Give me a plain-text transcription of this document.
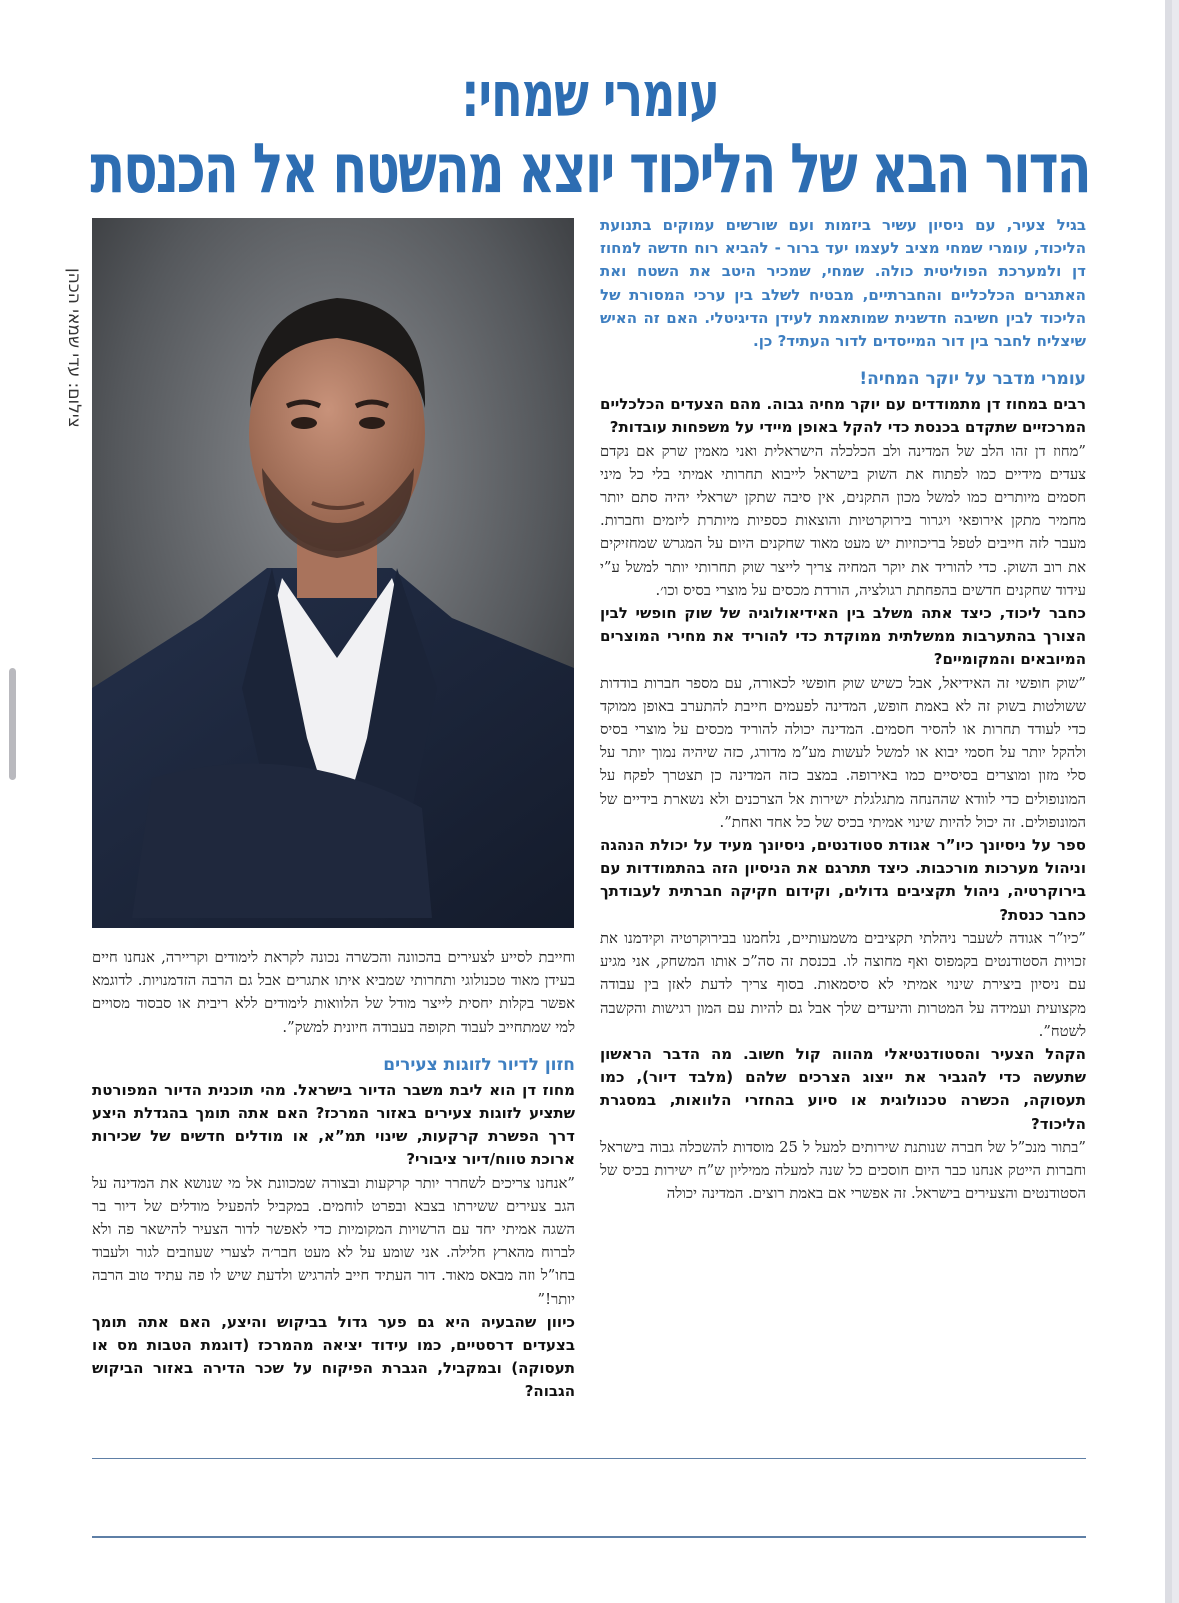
עומרי שמחי:
הדור הבא של הליכוד יוצא מהשטח אל הכנסת
צילום: עדי שמאי הכהן

בגיל צעיר, עם ניסיון עשיר ביזמות ועם שורשים עמוקים בתנועת הליכוד, עומרי שמחי מציב לעצמו יעד ברור - להביא רוח חדשה למחוז דן ולמערכת הפוליטית כולה. שמחי, שמכיר היטב את השטח ואת האתגרים הכלכליים והחברתיים, מבטיח לשלב בין ערכי המסורת של הליכוד לבין חשיבה חדשנית שמותאמת לעידן הדיגיטלי. האם זה האיש שיצליח לחבר בין דור המייסדים לדור העתיד? כן.

עומרי מדבר על יוקר המחיה!

רבים במחוז דן מתמודדים עם יוקר מחיה גבוה. מהם הצעדים הכלכליים המרכזיים שתקדם בכנסת כדי להקל באופן מיידי על משפחות עובדות?

”מחוז דן זהו הלב של המדינה ולב הכלכלה הישראלית ואני מאמין שרק אם נקדם צעדים מידיים כמו לפתוח את השוק בישראל לייבוא תחרותי אמיתי בלי כל מיני חסמים מיותרים כמו למשל מכון התקנים, אין סיבה שתקן ישראלי יהיה סתם יותר מחמיר מתקן אירופאי ויגרור בירוקרטיות והוצאות כספיות מיותרת ליזמים וחברות. מעבר לזה חייבים לטפל בריכוזיות יש מעט מאוד שחקנים היום על המגרש שמחזיקים את רוב השוק. כדי להוריד את יוקר המחיה צריך לייצר שוק תחרותי יותר למשל ע”י עידוד שחקנים חדשים בהפחתת רגולציה, הורדת מכסים על מוצרי בסיס וכו׳.

כחבר ליכוד, כיצד אתה משלב בין האידיאולוגיה של שוק חופשי לבין הצורך בהתערבות ממשלתית ממוקדת כדי להוריד את מחירי המוצרים המיובאים והמקומיים?

”שוק חופשי זה האידיאל, אבל כשיש שוק חופשי לכאורה, עם מספר חברות בודדות ששולטות בשוק זה לא באמת חופש, המדינה לפעמים חייבת להתערב באופן ממוקד כדי לעודד תחרות או להסיר חסמים. המדינה יכולה להוריד מכסים על מוצרי בסיס ולהקל יותר על חסמי יבוא או למשל לעשות מע”מ מדורג, כזה שיהיה נמוך יותר על סלי מזון ומוצרים בסיסיים כמו באירופה. במצב כזה המדינה כן תצטרך לפקח על המונופולים כדי לוודא שההנחה מתגלגלת ישירות אל הצרכנים ולא נשארת בידיים של המונופולים. זה יכול להיות שינוי אמיתי בכיס של כל אחד ואחת”.

ספר על ניסיונך כיו”ר אגודת סטודנטים, ניסיונך מעיד על יכולת הנהגה וניהול מערכות מורכבות. כיצד תתרגם את הניסיון הזה בהתמודדות עם בירוקרטיה, ניהול תקציבים גדולים, וקידום חקיקה חברתית לעבודתך כחבר כנסת?

”כיו”ר אגודה לשעבר ניהלתי תקציבים משמעותיים, נלחמנו בבירוקרטיה וקידמנו את זכויות הסטודנטים בקמפוס ואף מחוצה לו. בכנסת זה סה”כ אותו המשחק, אני מגיע עם ניסיון ביצירת שינוי אמיתי לא סיסמאות. בסוף צריך לדעת לאזן בין עבודה מקצועית ועמידה על המטרות והיעדים שלך אבל גם להיות עם המון רגישות והקשבה לשטח”.

הקהל הצעיר והסטודנטיאלי מהווה קול חשוב. מה הדבר הראשון שתעשה כדי להגביר את ייצוג הצרכים שלהם (מלבד דיור), כמו תעסוקה, הכשרה טכנולוגית או סיוע בהחזרי הלוואות, במסגרת הליכוד?

”בתור מנכ”ל של חברה שנותנת שירותים למעל ל 25 מוסדות להשכלה גבוה בישראל וחברות הייטק אנחנו כבר היום חוסכים כל שנה למעלה ממיליון ש”ח ישירות בכיס של הסטודנטים והצעירים בישראל. זה אפשרי אם באמת רוצים. המדינה יכולה

וחייבת לסייע לצעירים בהכוונה והכשרה נכונה לקראת לימודים וקריירה, אנחנו חיים בעידן מאוד טכנולוגי ותחרותי שמביא איתו אתגרים אבל גם הרבה הזדמנויות. לדוגמא אפשר בקלות יחסית לייצר מודל של הלוואות לימודים ללא ריבית או סבסוד מסויים למי שמתחייב לעבוד תקופה בעבודה חיונית למשק”.

חזון לדיור לזוגות צעירים

מחוז דן הוא ליבת משבר הדיור בישראל. מהי תוכנית הדיור המפורטת שתציע לזוגות צעירים באזור המרכז? האם אתה תומך בהגדלת היצע דרך הפשרת קרקעות, שינוי תמ”א, או מודלים חדשים של שכירות ארוכת טווח/דיור ציבורי?

”אנחנו צריכים לשחרר יותר קרקעות ובצורה שמכוונת אל מי שנושא את המדינה על הגב צעירים ששירתו בצבא ובפרט לוחמים. במקביל להפעיל מודלים של דיור בר השגה אמיתי יחד עם הרשויות המקומיות כדי לאפשר לדור הצעיר להישאר פה ולא לברוח מהארץ חלילה. אני שומע על לא מעט חבר׳ה לצערי שעוזבים לגור ולעבוד בחו”ל וזה מבאס מאוד. דור העתיד חייב להרגיש ולדעת שיש לו פה עתיד טוב הרבה יותר!”

כיוון שהבעיה היא גם פער גדול בביקוש והיצע, האם אתה תומך בצעדים דרסטיים, כמו עידוד יציאה מהמרכז (דוגמת הטבות מס או תעסוקה) ובמקביל, הגברת הפיקוח על שכר הדירה באזור הביקוש הגבוה?
